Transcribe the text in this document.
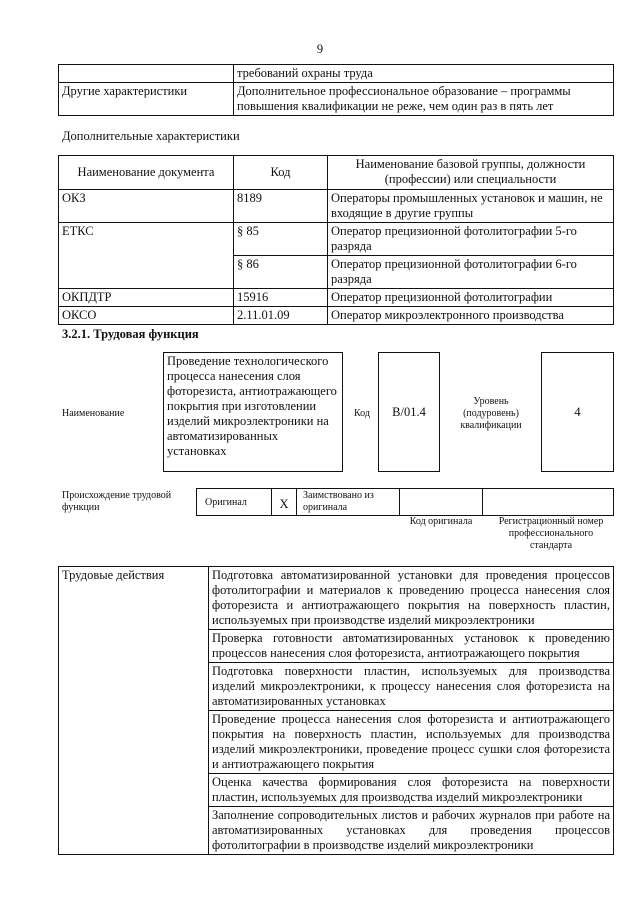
9
	требований охраны труда
Другие характеристики	Дополнительное профессиональное образование – программы повышения квалификации не реже, чем один раз в пять лет
Дополнительные характеристики
Наименование документа	Код	Наименование базовой группы, должности (профессии) или специальности
ОКЗ	8189	Операторы промышленных установок и машин, не входящие в другие группы
ЕТКС	§ 85	Оператор прецизионной фотолитографии 5-го разряда
	§ 86	Оператор прецизионной фотолитографии 6-го разряда
ОКПДТР	15916	Оператор прецизионной фотолитографии
ОКСО	2.11.01.09	Оператор микроэлектронного производства
3.2.1. Трудовая функция
Наименование
Проведение технологического процесса нанесения слоя фоторезиста, антиотражающего покрытия при изготовлении изделий микроэлектроники на автоматизированных установках
Код	В/01.4
Уровень (подуровень) квалификации
4
Происхождение трудовой функции	Оригинал	$_Х$
Заимствовано из оригинала
Код оригинала	Регистрационный номер профессионального стандарта
Трудовые действия	Подготовка автоматизированной установки для проведения процессов фотолитографии и материалов к проведению процесса нанесения слоя фоторезиста и антиотражающего покрытия на поверхность пластин, используемых при производстве изделий микроэлектроники
Проверка готовности автоматизированных установок к проведению процессов нанесения слоя фоторезиста, антиотражающего покрытия
Подготовка поверхности пластин, используемых для производства изделий микроэлектроники, к процессу нанесения слоя фоторезиста на автоматизированных установках
Проведение процесса нанесения слоя фоторезиста и антиотражающего покрытия на поверхность пластин, используемых для производства изделий микроэлектроники, проведение процесс сушки слоя фоторезиста и антиотражающего покрытия
Оценка качества формирования слоя фоторезиста на поверхности пластин, используемых для производства изделий микроэлектроники
Заполнение сопроводительных листов и рабочих журналов при работе на автоматизированных установках для проведения процессов фотолитографии в производстве изделий микроэлектроники
